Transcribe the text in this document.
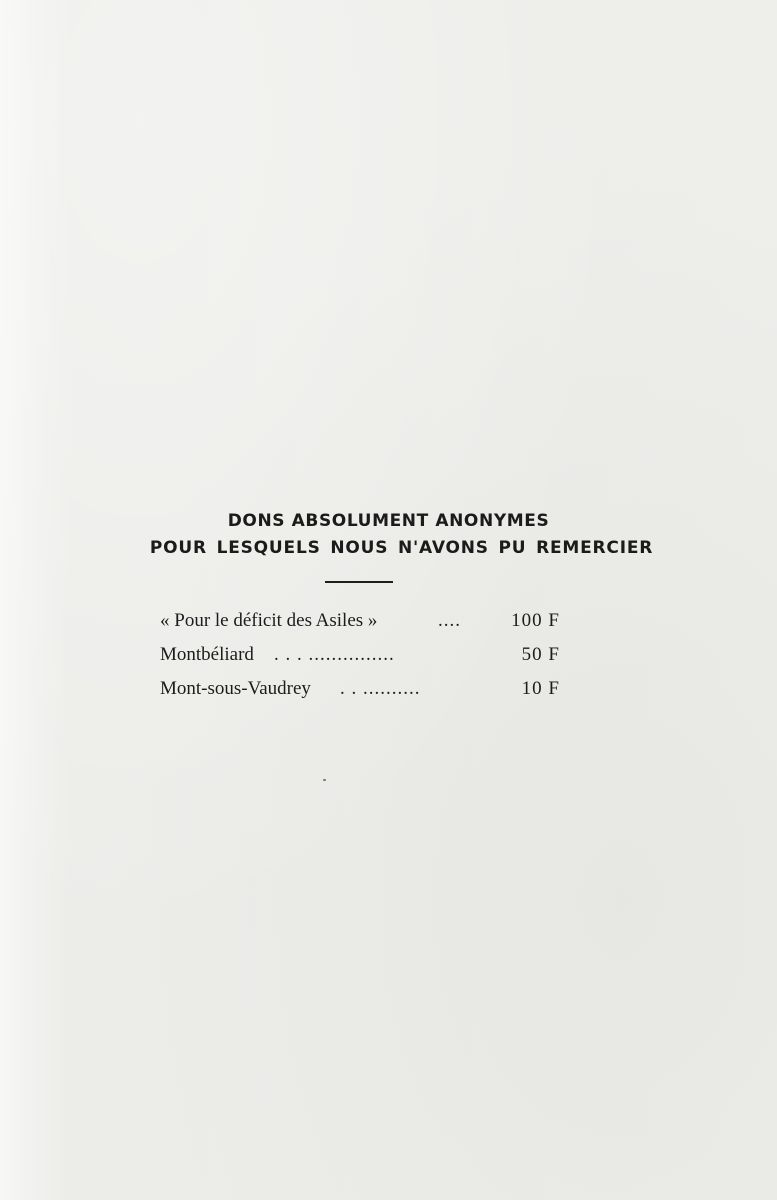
DONS ABSOLUMENT ANONYMES
POUR LESQUELS NOUS N'AVONS PU REMERCIER
« Pour le déficit des Asiles »	....	100 F
Montbéliard . . . ...............	50 F
Mont-sous-Vaudrey . . ..........	10 F
